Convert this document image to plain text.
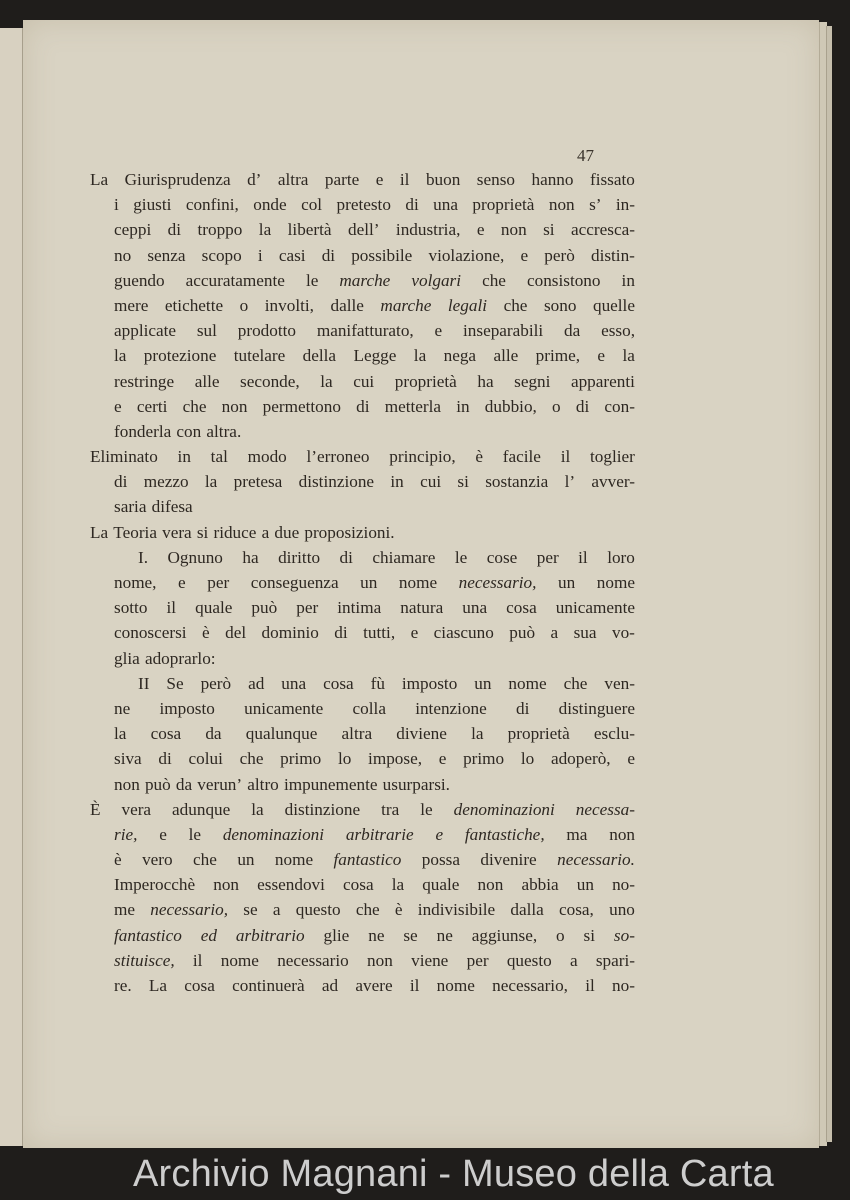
47
La Giurisprudenza d’ altra parte e il buon senso hanno fissato
i giusti confini, onde col pretesto di una proprietà non s’ in-
ceppi di troppo la libertà dell’ industria, e non si accresca-
no senza scopo i casi di possibile violazione, e però distin-
guendo accuratamente le marche volgari che consistono in
mere etichette o involti, dalle marche legali che sono quelle
applicate sul prodotto manifatturato, e inseparabili da esso,
la protezione tutelare della Legge la nega alle prime, e la
restringe alle seconde, la cui proprietà ha segni apparenti
e certi che non permettono di metterla in dubbio, o di con-
fonderla con altra.
Eliminato in tal modo l’erroneo principio, è facile il toglier
di mezzo la pretesa distinzione in cui si sostanzia l’ avver-
saria difesa
La Teoria vera si riduce a due proposizioni.
I. Ognuno ha diritto di chiamare le cose per il loro
nome, e per conseguenza un nome necessario, un nome
sotto il quale può per intima natura una cosa unicamente
conoscersi è del dominio di tutti, e ciascuno può a sua vo-
glia adoprarlo:
II Se però ad una cosa fù imposto un nome che ven-
ne imposto unicamente colla intenzione di distinguere
la cosa da qualunque altra diviene la proprietà esclu-
siva di colui che primo lo impose, e primo lo adoperò, e
non può da verun’ altro impunemente usurparsi.
È vera adunque la distinzione tra le denominazioni necessa-
rie, e le denominazioni arbitrarie e fantastiche, ma non
è vero che un nome fantastico possa divenire necessario.
Imperocchè non essendovi cosa la quale non abbia un no-
me necessario, se a questo che è indivisibile dalla cosa, uno
fantastico ed arbitrario glie ne se ne aggiunse, o si so-
stituisce, il nome necessario non viene per questo a spari-
re. La cosa continuerà ad avere il nome necessario, il no-
Archivio Magnani - Museo della Carta
